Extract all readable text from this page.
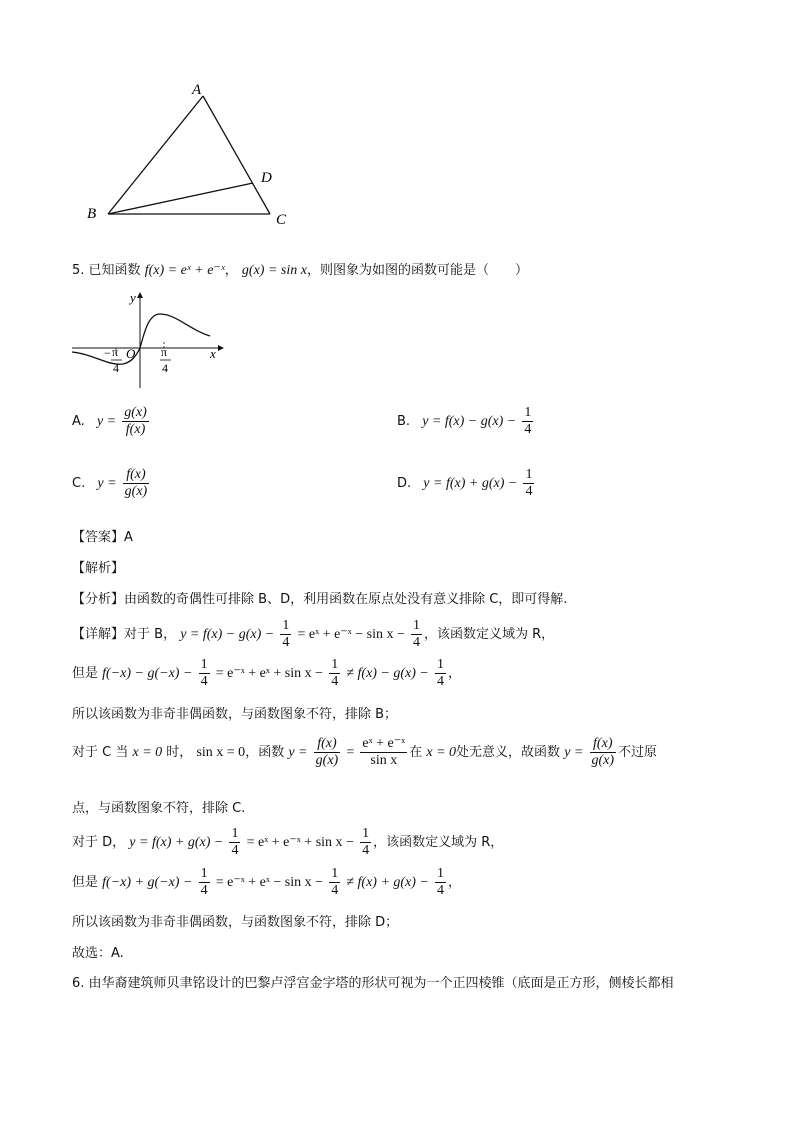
A
B	C
D
5. 已知函数 f(x) = eˣ + e⁻ˣ， g(x) = sin x，则图象为如图的函数可能是（　　）
y
x
O
− π
4
π
4
A. $y = \frac{g(x)}{f(x)}$	B. $y = f(x) - g(x) - \frac{1}{4}$
C. $y = \frac{f(x)}{g(x)}$	D. $y = f(x) + g(x) - \frac{1}{4}$
【答案】A
【解析】
【分析】由函数的奇偶性可排除 B、D，利用函数在原点处没有意义排除 C，即可得解.
【详解】对于 B， $y = f(x) - g(x) - \frac{1}{4}$ = eˣ + e⁻ˣ − $\sin x - \frac{1}{4}$ ，该函数定义域为 R，
但是 $f(-x) - g(-x) - \frac{1}{4}$ = e⁻ˣ + eˣ + $\sin x - \frac{1}{4} \ne f(x) - g(x) - \frac{1}{4}$ ，
所以该函数为非奇非偶函数，与函数图象不符，排除 B；
对于 C 当 x = 0 时， sin x = 0，函数 $y = \frac{f(x)}{g(x)} = \frac{\text{eˣ + e⁻ˣ}}{\text{sin x}}$ 在 x = 0处无意义，故函数 $y = \frac{f(x)}{g(x)}$ 不过原
点，与函数图象不符，排除 C.
对于 D， $y = f(x) + g(x) - \frac{1}{4}$ = eˣ + e⁻ˣ + $\sin x - \frac{1}{4}$ ，该函数定义域为 R，
但是 $f(-x) + g(-x) - \frac{1}{4}$ = e⁻ˣ + eˣ − $\sin x - \frac{1}{4} \ne f(x) + g(x) - \frac{1}{4}$ ，
所以该函数为非奇非偶函数，与函数图象不符，排除 D；
故选：A.
6. 由华裔建筑师贝聿铭设计的巴黎卢浮宫金字塔的形状可视为一个正四棱锥（底面是正方形，侧棱长都相
